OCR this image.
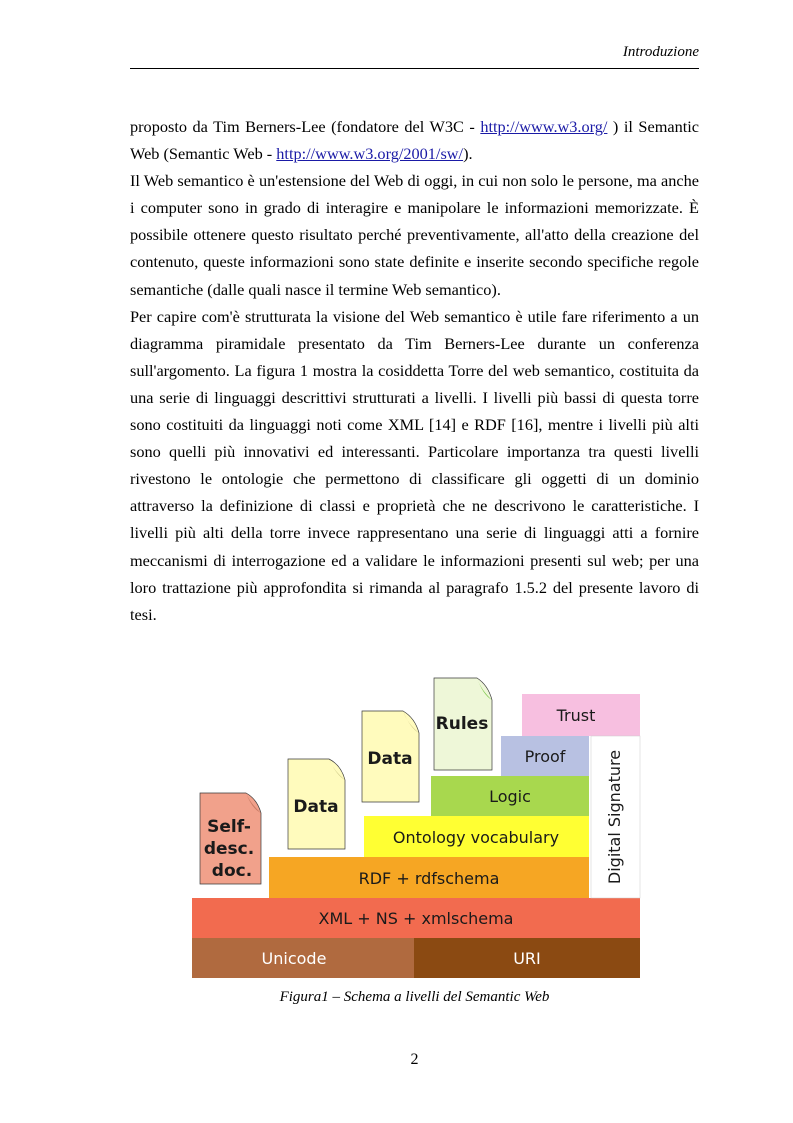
Introduzione

proposto da Tim Berners-Lee (fondatore del W3C - http://www.w3.org/ ) il Semantic Web (Semantic Web - http://www.w3.org/2001/sw/).

Il Web semantico è un'estensione del Web di oggi, in cui non solo le persone, ma anche i computer sono in grado di interagire e manipolare le informazioni memorizzate. È possibile ottenere questo risultato perché preventivamente, all'atto della creazione del contenuto, queste informazioni sono state definite e inserite secondo specifiche regole semantiche (dalle quali nasce il termine Web semantico).

Per capire com'è strutturata la visione del Web semantico è utile fare riferimento a un diagramma piramidale presentato da Tim Berners-Lee durante un conferenza sull'argomento. La figura 1 mostra la cosiddetta Torre del web semantico, costituita da una serie di linguaggi descrittivi strutturati a livelli. I livelli più bassi di questa torre sono costituiti da linguaggi noti come XML [14] e RDF [16], mentre i livelli più alti sono quelli più innovativi ed interessanti. Particolare importanza tra questi livelli rivestono le ontologie che permettono di classificare gli oggetti di un dominio attraverso la definizione di classi e proprietà che ne descrivono le caratteristiche. I livelli più alti della torre invece rappresentano una serie di linguaggi atti a fornire meccanismi di interrogazione ed a validare le informazioni presenti sul web; per una loro trattazione più approfondita si rimanda al paragrafo 1.5.2 del presente lavoro di tesi.

Unicode	URI
XML + NS + xmlschema
RDF + rdfschema
Ontology vocabulary
Logic
Proof
Trust
Digital Signature
Self- desc. doc.
Data
Data
Rules
Figura1 – Schema a livelli del Semantic Web
2
